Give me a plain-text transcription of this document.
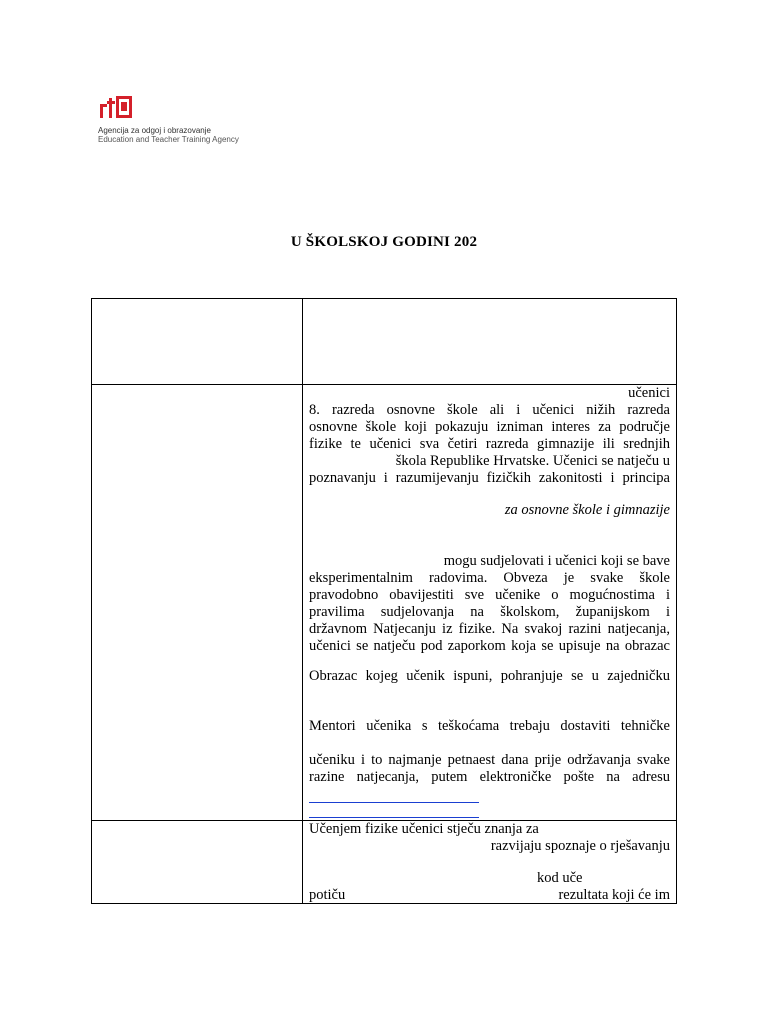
Agencija za odgoj i obrazovanje
Education and Teacher Training Agency
U ŠKOLSKOJ GODINI 202
učenici
8. razreda osnovne škole ali i učenici nižih razreda
osnovne škole koji pokazuju izniman interes za područje
fizike te učenici sva četiri razreda gimnazije ili srednjih
škola Republike Hrvatske. Učenici se natječu u
poznavanju i razumijevanju fizičkih zakonitosti i principa
za osnovne škole i gimnazije
mogu sudjelovati i učenici koji se bave
eksperimentalnim radovima. Obveza je svake škole
pravodobno obavijestiti sve učenike o mogućnostima i
pravilima sudjelovanja na školskom, županijskom i
državnom Natjecanju iz fizike. Na svakoj razini natjecanja,
učenici se natječu pod zaporkom koja se upisuje na obrazac
Obrazac kojeg učenik ispuni, pohranjuje se u zajedničku
Mentori učenika s teškoćama trebaju dostaviti tehničke
učeniku i to najmanje petnaest dana prije održavanja svake
razine natjecanja, putem elektroničke pošte na adresu
Učenjem fizike učenici stječu znanja za
razvijaju spoznaje o rješavanju
kod uče
potiču	rezultata koji će im
